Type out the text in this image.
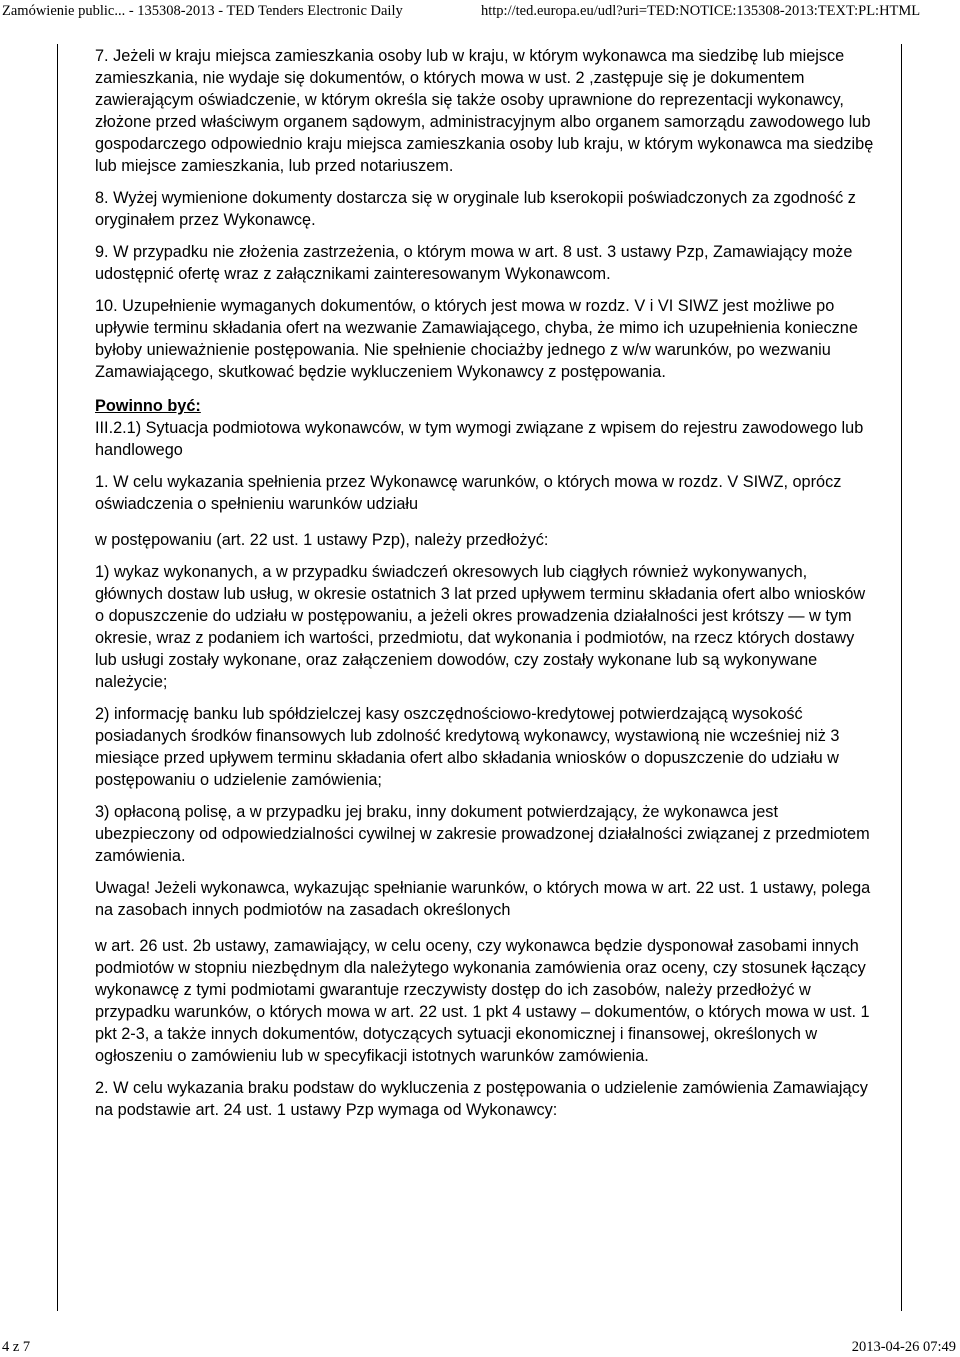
Zamówienie public... - 135308-2013 - TED Tenders Electronic Daily	http://ted.europa.eu/udl?uri=TED:NOTICE:135308-2013:TEXT:PL:HTML

7. Jeżeli w kraju miejsca zamieszkania osoby lub w kraju, w którym wykonawca ma siedzibę lub miejsce zamieszkania, nie wydaje się dokumentów, o których mowa w ust. 2 ,zastępuje się je dokumentem zawierającym oświadczenie, w którym określa się także osoby uprawnione do reprezentacji wykonawcy, złożone przed właściwym organem sądowym, administracyjnym albo organem samorządu zawodowego lub gospodarczego odpowiednio kraju miejsca zamieszkania osoby lub kraju, w którym wykonawca ma siedzibę lub miejsce zamieszkania, lub przed notariuszem.

8. Wyżej wymienione dokumenty dostarcza się w oryginale lub kserokopii poświadczonych za zgodność z oryginałem przez Wykonawcę.

9. W przypadku nie złożenia zastrzeżenia, o którym mowa w art. 8 ust. 3 ustawy Pzp, Zamawiający może udostępnić ofertę wraz z załącznikami zainteresowanym Wykonawcom.

10. Uzupełnienie wymaganych dokumentów, o których jest mowa w rozdz. V i VI SIWZ jest możliwe po upływie terminu składania ofert na wezwanie Zamawiającego, chyba, że mimo ich uzupełnienia konieczne byłoby unieważnienie postępowania. Nie spełnienie chociażby jednego z w/w warunków, po wezwaniu Zamawiającego, skutkować będzie wykluczeniem Wykonawcy z postępowania.

Powinno być:

III.2.1) Sytuacja podmiotowa wykonawców, w tym wymogi związane z wpisem do rejestru zawodowego lub handlowego

1. W celu wykazania spełnienia przez Wykonawcę warunków, o których mowa w rozdz. V SIWZ, oprócz oświadczenia o spełnieniu warunków udziału

w postępowaniu (art. 22 ust. 1 ustawy Pzp), należy przedłożyć:

1) wykaz wykonanych, a w przypadku świadczeń okresowych lub ciągłych również wykonywanych, głównych dostaw lub usług, w okresie ostatnich 3 lat przed upływem terminu składania ofert albo wniosków o dopuszczenie do udziału w postępowaniu, a jeżeli okres prowadzenia działalności jest krótszy — w tym okresie, wraz z podaniem ich wartości, przedmiotu, dat wykonania i podmiotów, na rzecz których dostawy lub usługi zostały wykonane, oraz załączeniem dowodów, czy zostały wykonane lub są wykonywane należycie;

2) informację banku lub spółdzielczej kasy oszczędnościowo-kredytowej potwierdzającą wysokość posiadanych środków finansowych lub zdolność kredytową wykonawcy, wystawioną nie wcześniej niż 3 miesiące przed upływem terminu składania ofert albo składania wniosków o dopuszczenie do udziału w postępowaniu o udzielenie zamówienia;

3) opłaconą polisę, a w przypadku jej braku, inny dokument potwierdzający, że wykonawca jest ubezpieczony od odpowiedzialności cywilnej w zakresie prowadzonej działalności związanej z przedmiotem zamówienia.

Uwaga! Jeżeli wykonawca, wykazując spełnianie warunków, o których mowa w art. 22 ust. 1 ustawy, polega na zasobach innych podmiotów na zasadach określonych

w art. 26 ust. 2b ustawy, zamawiający, w celu oceny, czy wykonawca będzie dysponował zasobami innych podmiotów w stopniu niezbędnym dla należytego wykonania zamówienia oraz oceny, czy stosunek łączący wykonawcę z tymi podmiotami gwarantuje rzeczywisty dostęp do ich zasobów, należy przedłożyć w przypadku warunków, o których mowa w art. 22 ust. 1 pkt 4 ustawy – dokumentów, o których mowa w ust. 1 pkt 2-3, a także innych dokumentów, dotyczących sytuacji ekonomicznej i finansowej, określonych w ogłoszeniu o zamówieniu lub w specyfikacji istotnych warunków zamówienia.

2. W celu wykazania braku podstaw do wykluczenia z postępowania o udzielenie zamówienia Zamawiający na podstawie art. 24 ust. 1 ustawy Pzp wymaga od Wykonawcy:

4 z 7	2013-04-26 07:49
